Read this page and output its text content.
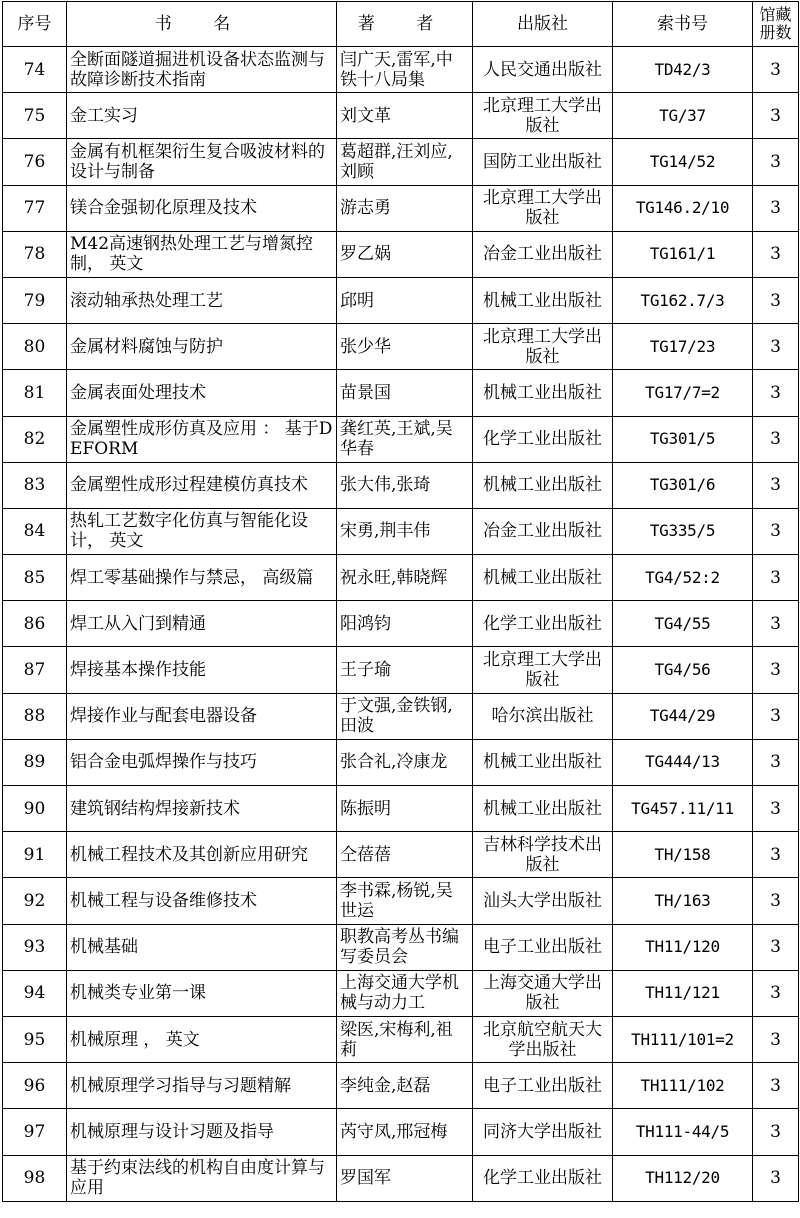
序号	书 名	著 者	出版社	索书号	馆藏册数

74	全断面隧道掘进机设备状态监测与故障诊断技术指南	闫广天,雷军,中铁十八局集	人民交通出版社	TD42/3	3

75	金工实习	刘文革	北京理工大学出版社	TG/37	3

76	金属有机框架衍生复合吸波材料的设计与制备	葛超群,汪刘应,刘顾	国防工业出版社	TG14/52	3

77	镁合金强韧化原理及技术	游志勇	北京理工大学出版社	TG146.2/10	3

78	M42高速钢热处理工艺与增氮控制， 英文	罗乙娲	冶金工业出版社	TG161/1	3

79	滚动轴承热处理工艺	邱明	机械工业出版社	TG162.7/3	3

80	金属材料腐蚀与防护	张少华	北京理工大学出版社	TG17/23	3

81	金属表面处理技术	苗景国	机械工业出版社	TG17/7=2	3

82	金属塑性成形仿真及应用 ： 基于DEFORM	龚红英,王斌,吴华春	化学工业出版社	TG301/5	3

83	金属塑性成形过程建模仿真技术	张大伟,张琦	机械工业出版社	TG301/6	3

84	热轧工艺数字化仿真与智能化设计， 英文	宋勇,荆丰伟	冶金工业出版社	TG335/5	3

85	焊工零基础操作与禁忌， 高级篇	祝永旺,韩晓辉	机械工业出版社	TG4/52:2	3

86	焊工从入门到精通	阳鸿钧	化学工业出版社	TG4/55	3

87	焊接基本操作技能	王子瑜	北京理工大学出版社	TG4/56	3

88	焊接作业与配套电器设备	于文强,金铁钢,田波	哈尔滨出版社	TG44/29	3

89	铝合金电弧焊操作与技巧	张合礼,冷康龙	机械工业出版社	TG444/13	3

90	建筑钢结构焊接新技术	陈振明	机械工业出版社	TG457.11/11	3

91	机械工程技术及其创新应用研究	仝蓓蓓	吉林科学技术出版社	TH/158	3

92	机械工程与设备维修技术	李书霖,杨锐,吴世运	汕头大学出版社	TH/163	3

93	机械基础	职教高考丛书编写委员会	电子工业出版社	TH11/120	3

94	机械类专业第一课	上海交通大学机械与动力工	上海交通大学出版社	TH11/121	3

95	机械原理 ， 英文	梁医,宋梅利,祖莉	北京航空航天大学出版社	TH111/101=2	3

96	机械原理学习指导与习题精解	李纯金,赵磊	电子工业出版社	TH111/102	3

97	机械原理与设计习题及指导	芮守凤,邢冠梅	同济大学出版社	TH111-44/5	3

98	基于约束法线的机构自由度计算与应用	罗国军	化学工业出版社	TH112/20	3
